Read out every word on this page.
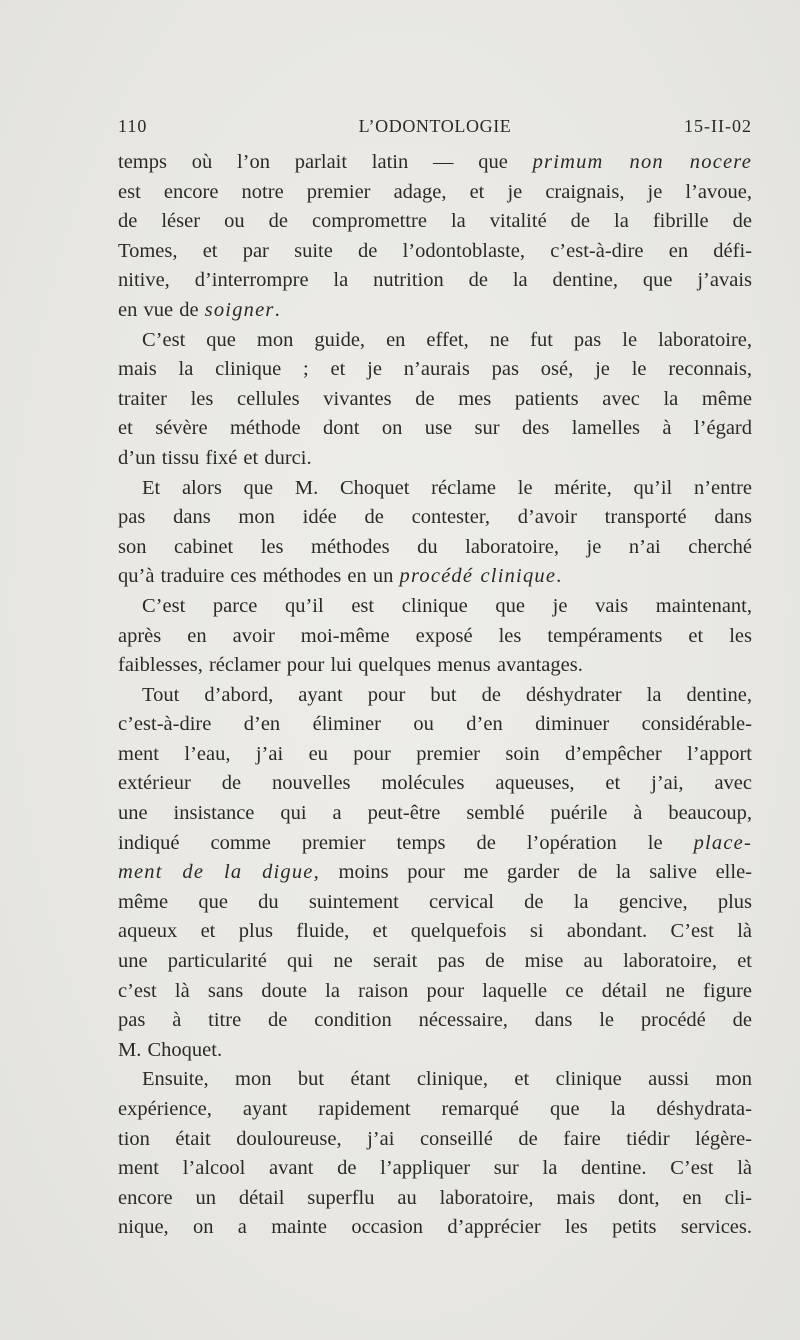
110	L’ODONTOLOGIE	15-II-02
temps où l’on parlait latin — que primum non nocere
est encore notre premier adage, et je craignais, je l’avoue,
de léser ou de compromettre la vitalité de la fibrille de
Tomes, et par suite de l’odontoblaste, c’est-à-dire en défi-
nitive, d’interrompre la nutrition de la dentine, que j’avais
en vue de soigner.
C’est que mon guide, en effet, ne fut pas le laboratoire,
mais la clinique ; et je n’aurais pas osé, je le reconnais,
traiter les cellules vivantes de mes patients avec la même
et sévère méthode dont on use sur des lamelles à l’égard
d’un tissu fixé et durci.
Et alors que M. Choquet réclame le mérite, qu’il n’entre
pas dans mon idée de contester, d’avoir transporté dans
son cabinet les méthodes du laboratoire, je n’ai cherché
qu’à traduire ces méthodes en un procédé clinique.
C’est parce qu’il est clinique que je vais maintenant,
après en avoir moi-même exposé les tempéraments et les
faiblesses, réclamer pour lui quelques menus avantages.
Tout d’abord, ayant pour but de déshydrater la dentine,
c’est-à-dire d’en éliminer ou d’en diminuer considérable-
ment l’eau, j’ai eu pour premier soin d’empêcher l’apport
extérieur de nouvelles molécules aqueuses, et j’ai, avec
une insistance qui a peut-être semblé puérile à beaucoup,
indiqué comme premier temps de l’opération le place-
ment de la digue, moins pour me garder de la salive elle-
même que du suintement cervical de la gencive, plus
aqueux et plus fluide, et quelquefois si abondant. C’est là
une particularité qui ne serait pas de mise au laboratoire, et
c’est là sans doute la raison pour laquelle ce détail ne figure
pas à titre de condition nécessaire, dans le procédé de
M. Choquet.
Ensuite, mon but étant clinique, et clinique aussi mon
expérience, ayant rapidement remarqué que la déshydrata-
tion était douloureuse, j’ai conseillé de faire tiédir légère-
ment l’alcool avant de l’appliquer sur la dentine. C’est là
encore un détail superflu au laboratoire, mais dont, en cli-
nique, on a mainte occasion d’apprécier les petits services.
